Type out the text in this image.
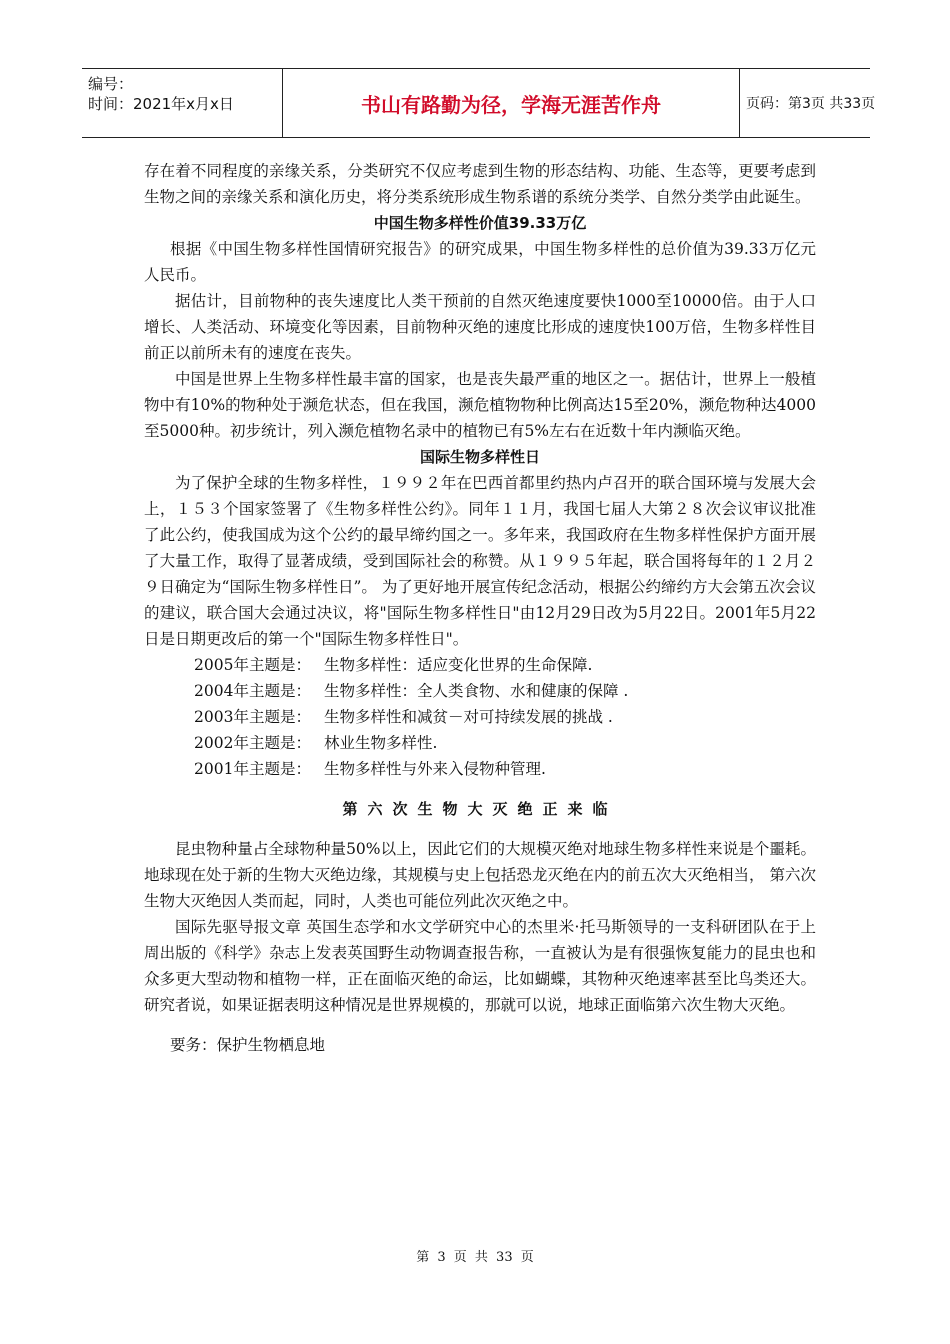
编号：
时间：2021年x月x日	书山有路勤为径，学海无涯苦作舟	页码：第3页 共33页

存在着不同程度的亲缘关系，分类研究不仅应考虑到生物的形态结构、功能、生态等，更要考虑到生物之间的亲缘关系和演化历史，将分类系统形成生物系谱的系统分类学、自然分类学由此诞生。

中国生物多样性价值39.33万亿

根据《中国生物多样性国情研究报告》的研究成果，中国生物多样性的总价值为39.33万亿元人民币。

据估计，目前物种的丧失速度比人类干预前的自然灭绝速度要快1000至10000倍。由于人口增长、人类活动、环境变化等因素，目前物种灭绝的速度比形成的速度快100万倍，生物多样性目前正以前所未有的速度在丧失。

中国是世界上生物多样性最丰富的国家，也是丧失最严重的地区之一。据估计，世界上一般植物中有10%的物种处于濒危状态，但在我国，濒危植物物种比例高达15至20%，濒危物种达4000至5000种。初步统计，列入濒危植物名录中的植物已有5%左右在近数十年内濒临灭绝。

国际生物多样性日

为了保护全球的生物多样性，１９９２年在巴西首都里约热内卢召开的联合国环境与发展大会上，１５３个国家签署了《生物多样性公约》。同年１１月，我国七届人大第２８次会议审议批准了此公约，使我国成为这个公约的最早缔约国之一。多年来，我国政府在生物多样性保护方面开展了大量工作，取得了显著成绩，受到国际社会的称赞。从１９９５年起，联合国将每年的１２月２９日确定为“国际生物多样性日”。 为了更好地开展宣传纪念活动，根据公约缔约方大会第五次会议的建议，联合国大会通过决议，将"国际生物多样性日"由12月29日改为5月22日。2001年5月22日是日期更改后的第一个"国际生物多样性日"。

2005年主题是： 生物多样性：适应变化世界的生命保障.
2004年主题是： 生物多样性：全人类食物、水和健康的保障 .
2003年主题是： 生物多样性和减贫－对可持续发展的挑战 .
2002年主题是： 林业生物多样性.
2001年主题是： 生物多样性与外来入侵物种管理.

第六次生物大灭绝正来临

昆虫物种量占全球物种量50%以上，因此它们的大规模灭绝对地球生物多样性来说是个噩耗。地球现在处于新的生物大灭绝边缘，其规模与史上包括恐龙灭绝在内的前五次大灭绝相当， 第六次生物大灭绝因人类而起，同时，人类也可能位列此次灭绝之中。

国际先驱导报文章 英国生态学和水文学研究中心的杰里米·托马斯领导的一支科研团队在于上周出版的《科学》杂志上发表英国野生动物调查报告称，一直被认为是有很强恢复能力的昆虫也和众多更大型动物和植物一样，正在面临灭绝的命运，比如蝴蝶，其物种灭绝速率甚至比鸟类还大。研究者说，如果证据表明这种情况是世界规模的，那就可以说，地球正面临第六次生物大灭绝。

要务：保护生物栖息地

第 3 页 共 33 页
